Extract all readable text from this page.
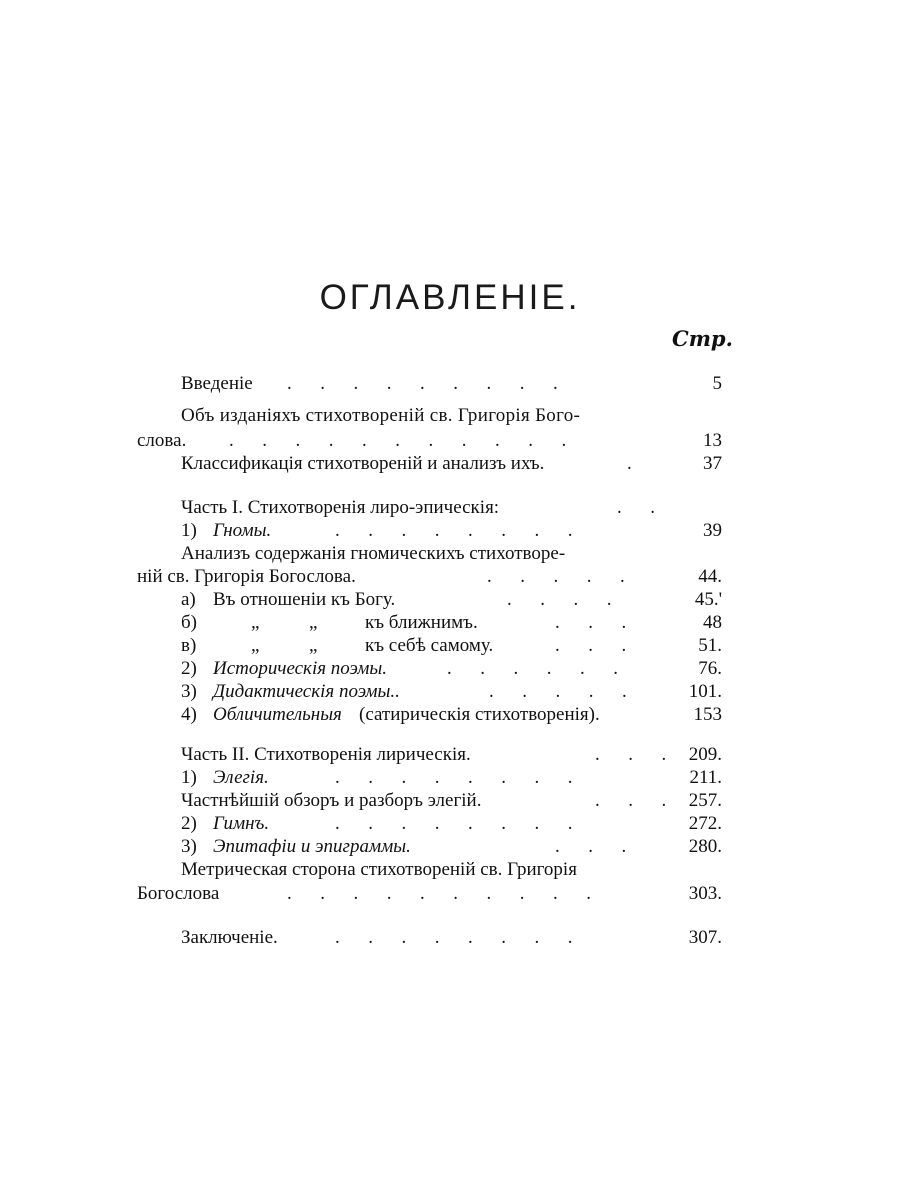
ОГЛАВЛЕНІЕ.
Стр.
Введеніе .  .  .  .  .  .  .  .  .	5
Объ изданіяхъ стихотвореній св. Григорія Бого-
слова. .  .  .  .  .  .  .  .  .  .  .	13
Классификація стихотвореній и анализъ ихъ.	.	37
Часть I. Стихотворенія лиро-эпическія:	.  .
1) Гномы.	.  .  .  .  .  .  .  .	39
Анализъ содержанія гномическихъ стихотворе-
ній св. Григорія Богослова.	.  .  .  .  .	44.
а) Въ отношеніи къ Богу.	.  .  .  .	45.'
б)	„	„	къ ближнимъ.	.  .  .	48
в)	„	„	къ себѣ самому.	.  .  .	51.
2) Историческія поэмы.	.  .  .  .  .  .	76.
3) Дидактическія поэмы..	.  .  .  .  .	101.
4) Обличительныя (сатирическія стихотворенія).	153
Часть II. Стихотворенія лирическія.	.  .  . 209.
1) Элегія.	.  .  .  .  .  .  .  .	211.
Частнѣйшій обзоръ и разборъ элегій.	.  .  . 257.
2) Гимнъ.	.  .  .  .  .  .  .  .	272.
3) Эпитафіи и эпиграммы.	.  .  .	280.
Метрическая сторона стихотвореній св. Григорія
Богослова	.  .  .  .  .  .  .  .  .  .	303.
Заключеніе.	.  .  .  .  .  .  .  .	307.
